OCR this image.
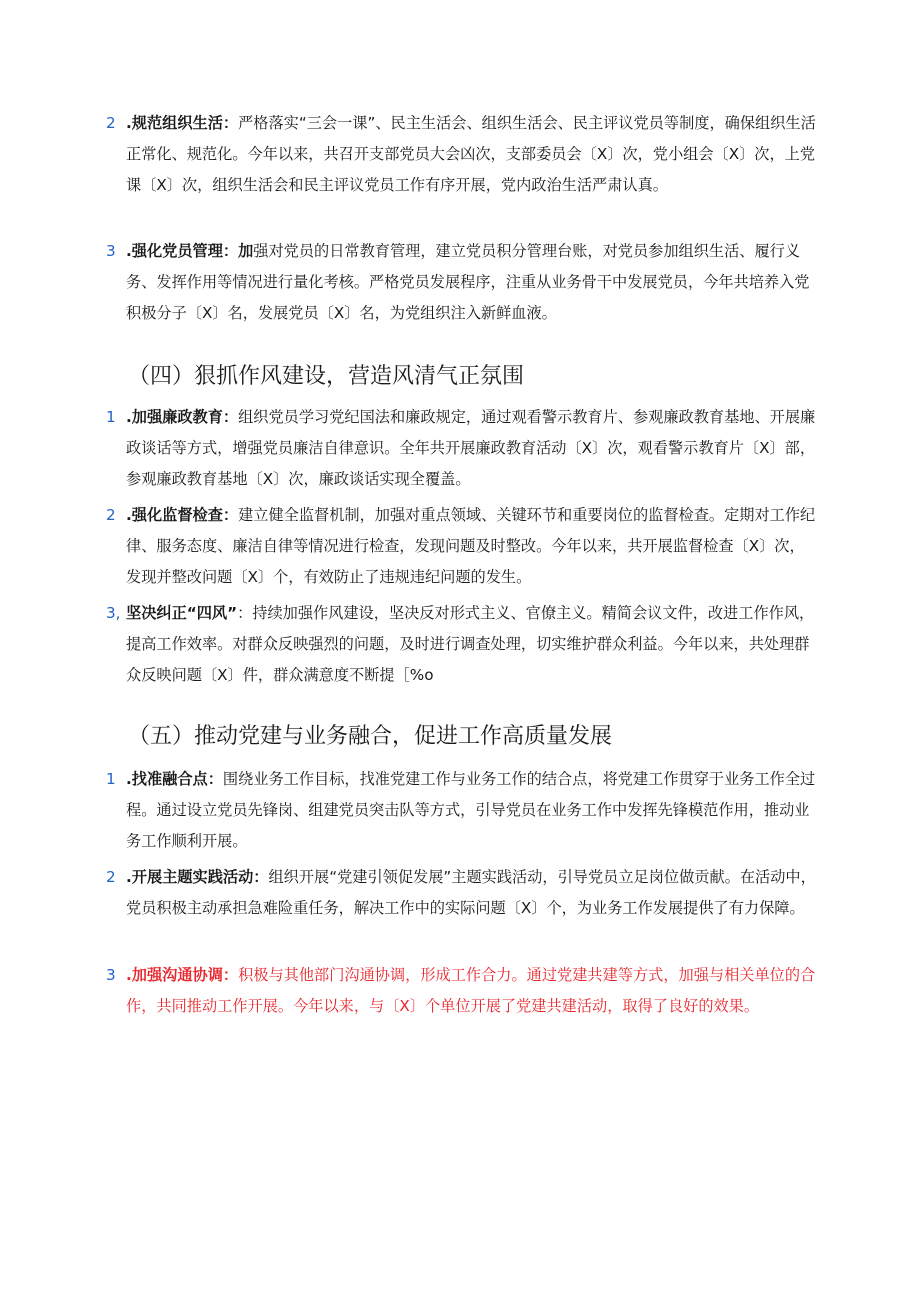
2 .规范组织生活：严格落实“三会一课”、民主生活会、组织生活会、民主评议党员等制度，确保组织生活正常化、规范化。今年以来，共召开支部党员大会凶次，支部委员会〔X〕次，党小组会〔X〕次，上党课〔X〕次，组织生活会和民主评议党员工作有序开展，党内政治生活严肃认真。
3 .强化党员管理：加强对党员的日常教育管理，建立党员积分管理台账，对党员参加组织生活、履行义务、发挥作用等情况进行量化考核。严格党员发展程序，注重从业务骨干中发展党员，今年共培养入党积极分子〔X〕名，发展党员〔X〕名，为党组织注入新鲜血液。
（四）狠抓作风建设，营造风清气正氛围
1 .加强廉政教育：组织党员学习党纪国法和廉政规定，通过观看警示教育片、参观廉政教育基地、开展廉政谈话等方式，增强党员廉洁自律意识。全年共开展廉政教育活动〔X〕次，观看警示教育片〔X〕部，参观廉政教育基地〔X〕次，廉政谈话实现全覆盖。
2 .强化监督检查：建立健全监督机制，加强对重点领域、关键环节和重要岗位的监督检查。定期对工作纪律、服务态度、廉洁自律等情况进行检查，发现问题及时整改。今年以来，共开展监督检查〔X〕次，发现并整改问题〔X〕个，有效防止了违规违纪问题的发生。
3, 坚决纠正“四风”：持续加强作风建设，坚决反对形式主义、官僚主义。精简会议文件，改进工作作风，提高工作效率。对群众反映强烈的问题，及时进行调查处理，切实维护群众利益。今年以来，共处理群众反映问题〔X〕件，群众满意度不断提［%o
（五）推动党建与业务融合，促进工作高质量发展
1 .找准融合点：围绕业务工作目标，找准党建工作与业务工作的结合点，将党建工作贯穿于业务工作全过程。通过设立党员先锋岗、组建党员突击队等方式，引导党员在业务工作中发挥先锋模范作用，推动业务工作顺利开展。
2 .开展主题实践活动：组织开展“党建引领促发展”主题实践活动，引导党员立足岗位做贡献。在活动中，党员积极主动承担急难险重任务，解决工作中的实际问题〔X〕个，为业务工作发展提供了有力保障。
3 .加强沟通协调：积极与其他部门沟通协调，形成工作合力。通过党建共建等方式，加强与相关单位的合作，共同推动工作开展。今年以来，与〔X〕个单位开展了党建共建活动，取得了良好的效果。
